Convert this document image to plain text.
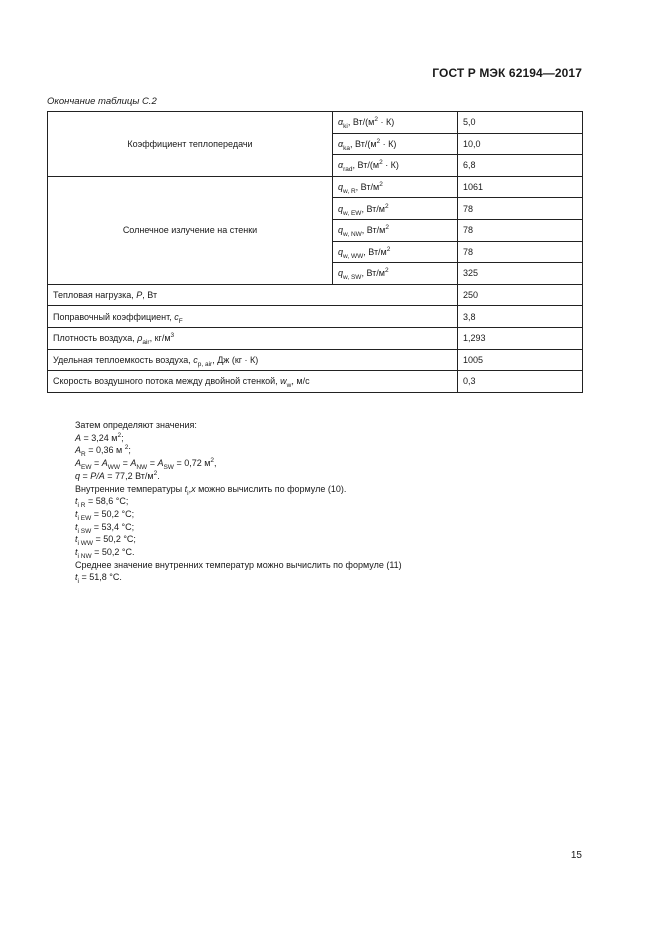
ГОСТ Р МЭК 62194—2017
Окончание таблицы С.2
Коэффициент теплопередачи	$\alpha_{ki}$, $Вт/(м^2 \cdot К)$	5,0
	$\alpha_{ka}$, $Вт/(м^2 \cdot К)$	10,0
	$\alpha_{rad}$, $Вт/(м^2 \cdot К)$	6,8
Солнечное излучение на стенки	$q_{w, R}$, $Вт/м^2$	1061
	$q_{w, EW}$, $Вт/м^2$	78
	$q_{w, NW}$, $Вт/м^2$	78
	$q_{w, WW}$, $Вт/м^2$	78
	$q_{w, SW}$, $Вт/м^2$	325
Тепловая нагрузка, P, Вт		250
Поправочный коэффициент, $c_F$		3,8
Плотность воздуха, $\rho_{air}$, $кг/м^3$		1,293
Удельная теплоемкость воздуха, $c_{p, air}$, Дж (кг · К)		1005
Скорость воздушного потока между двойной стенкой, $w_w$, м/с		0,3
Затем определяют значения:
A = 3,24 $м^2$;
$A_R = 0,36$ м $^2$;
$A_{EW} = A_{WW} = A_{NW} = A_{SW} = 0,72$ $м^2$,
q = P/A = 77,2 $Вт/м^2$.
Внутренние температуры $t_i,x$ можно вычислить по формуле (10).
$t_{i R} = 58,6$ °C;
$t_{i EW} = 50,2$ °C;
$t_{i SW} = 53,4$ °C;
$t_{i WW} = 50,2$ °C;
$t_{i NW} = 50,2$ °C.
Среднее значение внутренних температур можно вычислить по формуле (11)
$t_i = 51,8$ °C.
15
